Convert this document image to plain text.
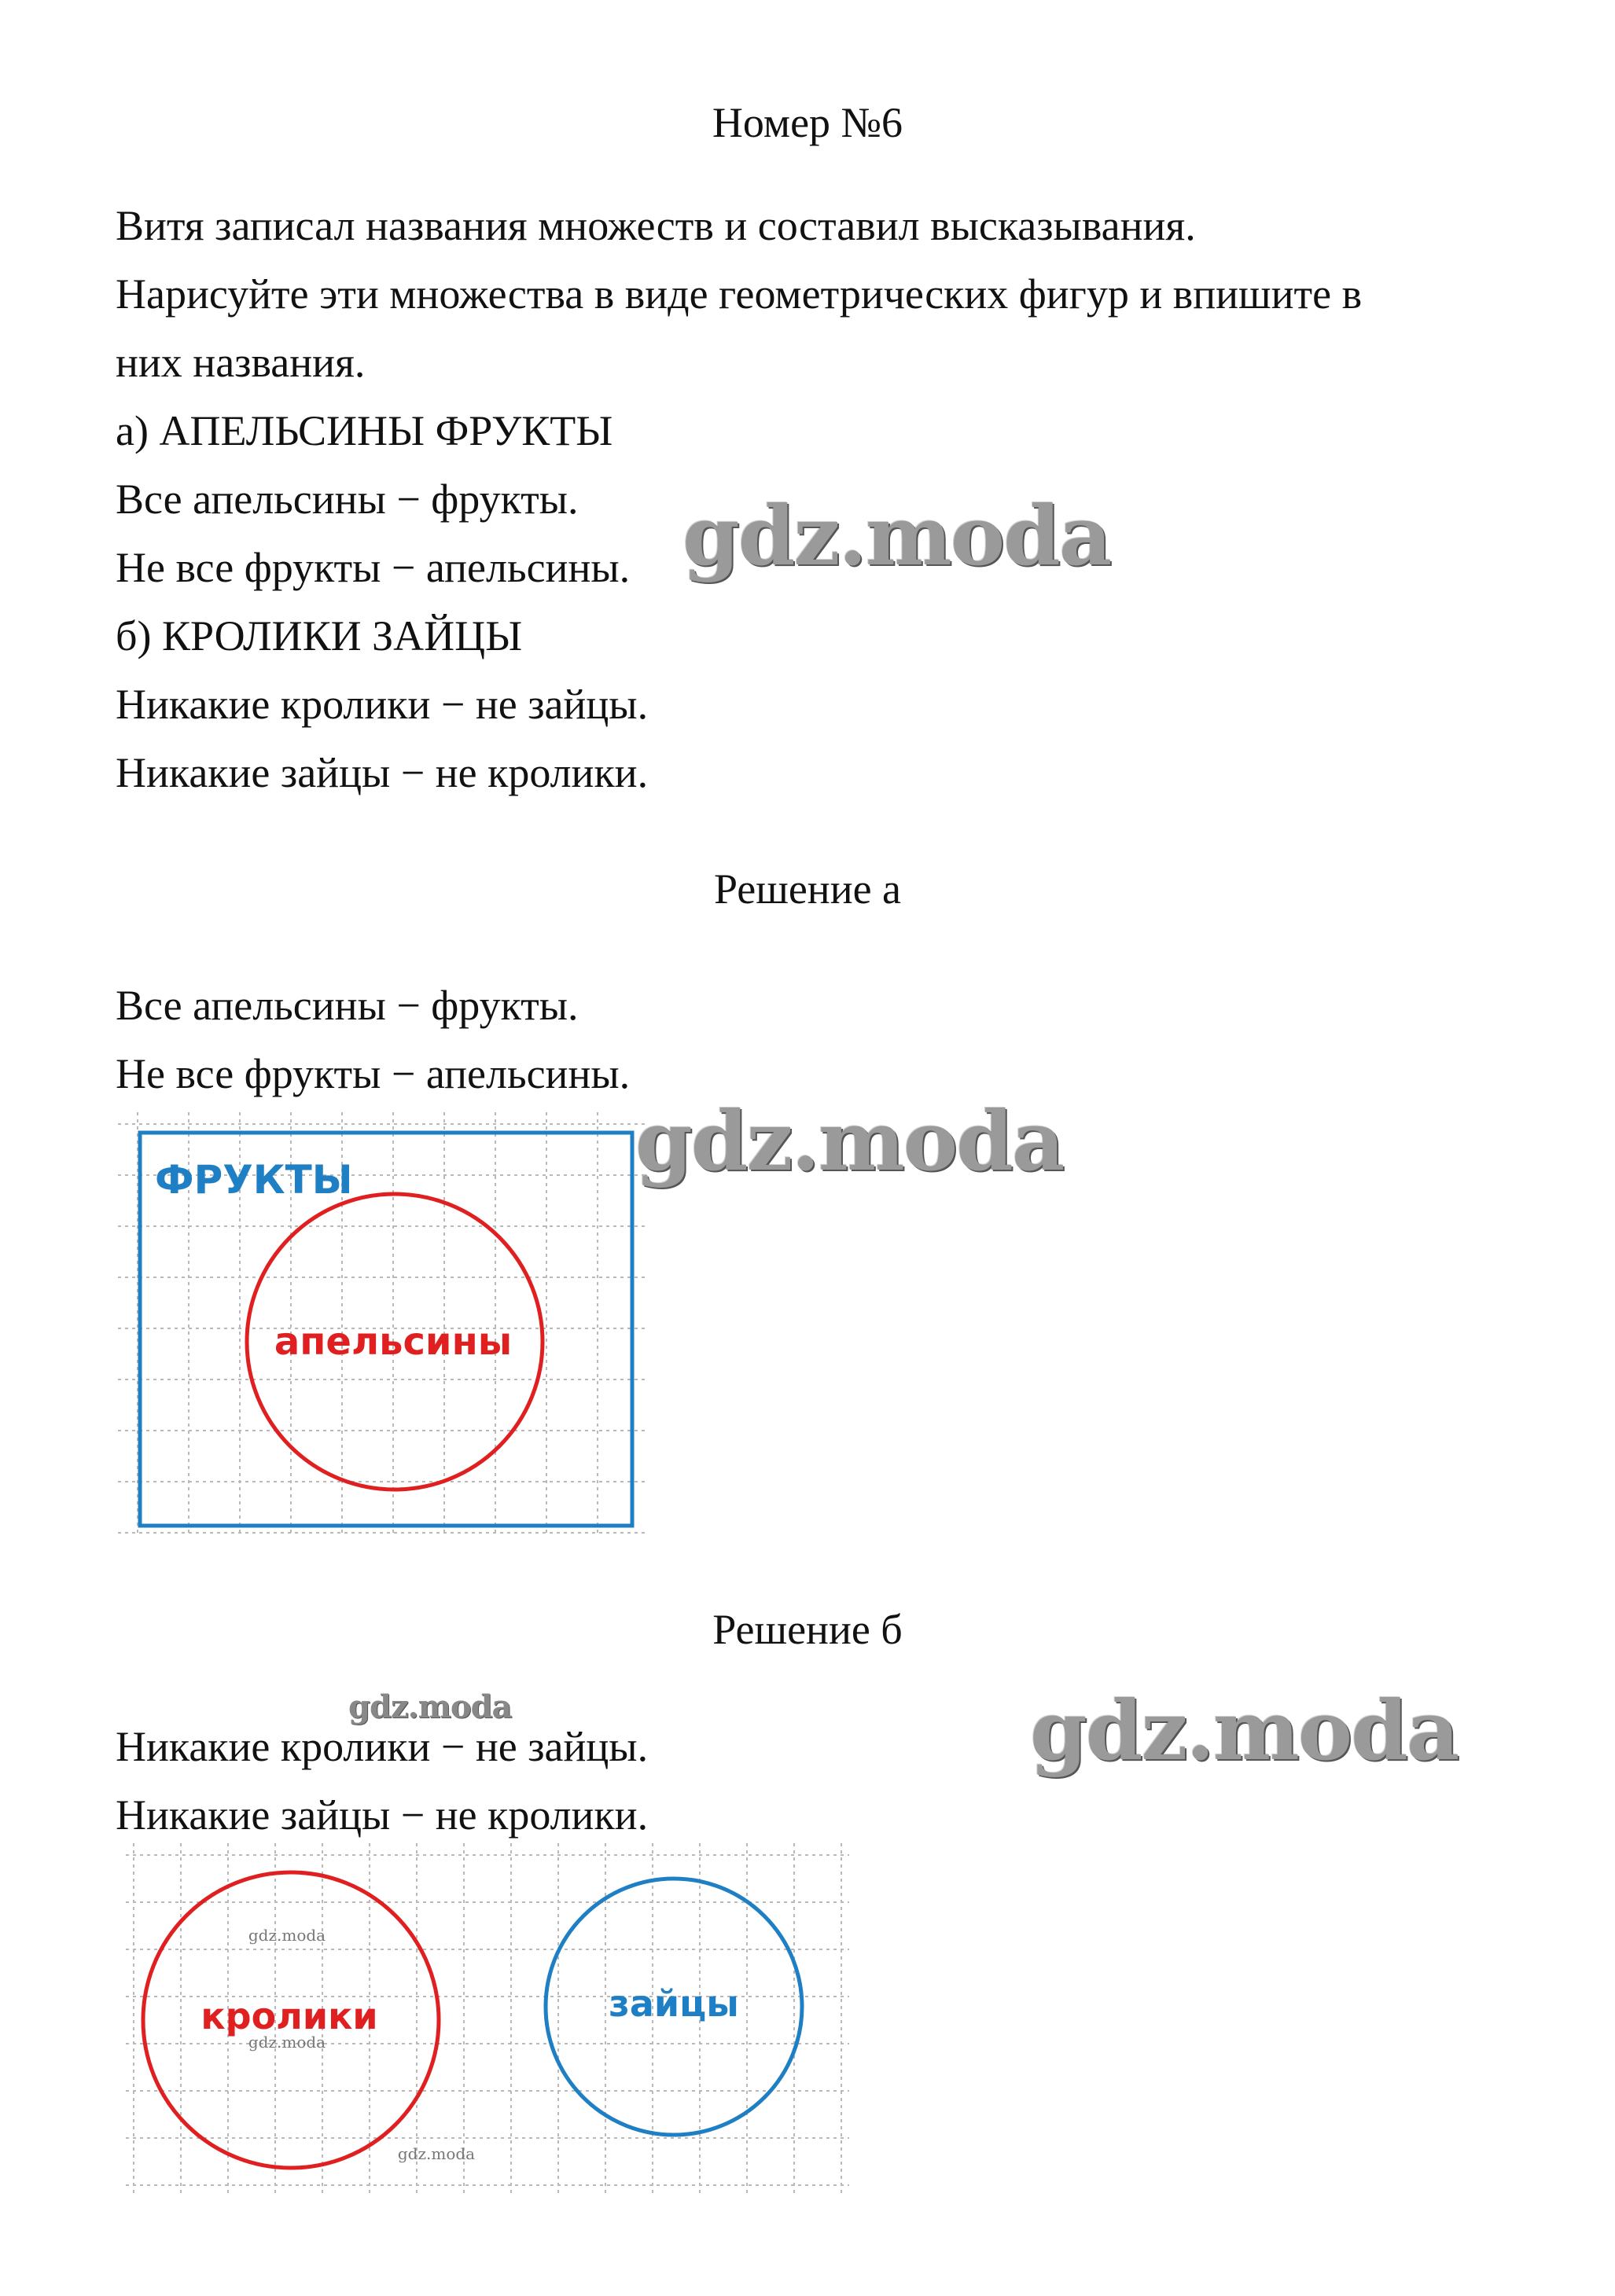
Номер №6
Витя записал названия множеств и составил высказывания.
Нарисуйте эти множества в виде геометрических фигур и впишите в
них названия.
а) АПЕЛЬСИНЫ ФРУКТЫ
Все апельсины − фрукты.
Не все фрукты − апельсины.
б) КРОЛИКИ ЗАЙЦЫ
Никакие кролики − не зайцы.
Никакие зайцы − не кролики.
gdz.moda
Решение а
Все апельсины − фрукты.
Не все фрукты − апельсины.
gdz.moda
ФРУКТЫ
апельсины
Решение б
gdz.moda
Никакие кролики − не зайцы.
Никакие зайцы − не кролики.
gdz.moda
кролики	зайцы
gdz.moda
gdz.moda
gdz.moda
